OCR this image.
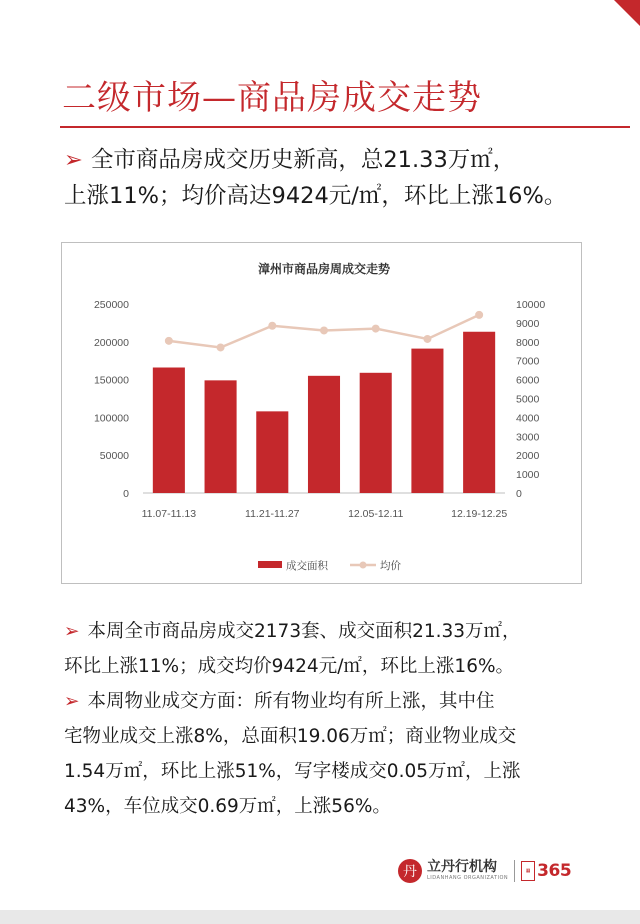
二级市场—商品房成交走势
➢ 全市商品房成交历史新高，总21.33万㎡，
上涨11%；均价高达9424元/㎡，环比上涨16%。
漳州市商品房周成交走势
0
50000
100000
150000
200000
250000
0
1000
2000
3000
4000
5000
6000
7000
8000
9000
10000
11.07-11.13	11.21-11.27	12.05-12.11	12.19-12.25
成交面积	均价

➢ 本周全市商品房成交2173套、成交面积21.33万㎡，

环比上涨11%；成交均价9424元/㎡，环比上涨16%。

➢ 本周物业成交方面：所有物业均有所上涨，其中住

宅物业成交上涨8%，总面积19.06万㎡；商业物业成交

1.54万㎡，环比上涨51%，写字楼成交0.05万㎡，上涨

43%，车位成交0.69万㎡，上涨56%。

丹 立丹行机构
LIDANHANG ORGANIZATION
▦ 365
